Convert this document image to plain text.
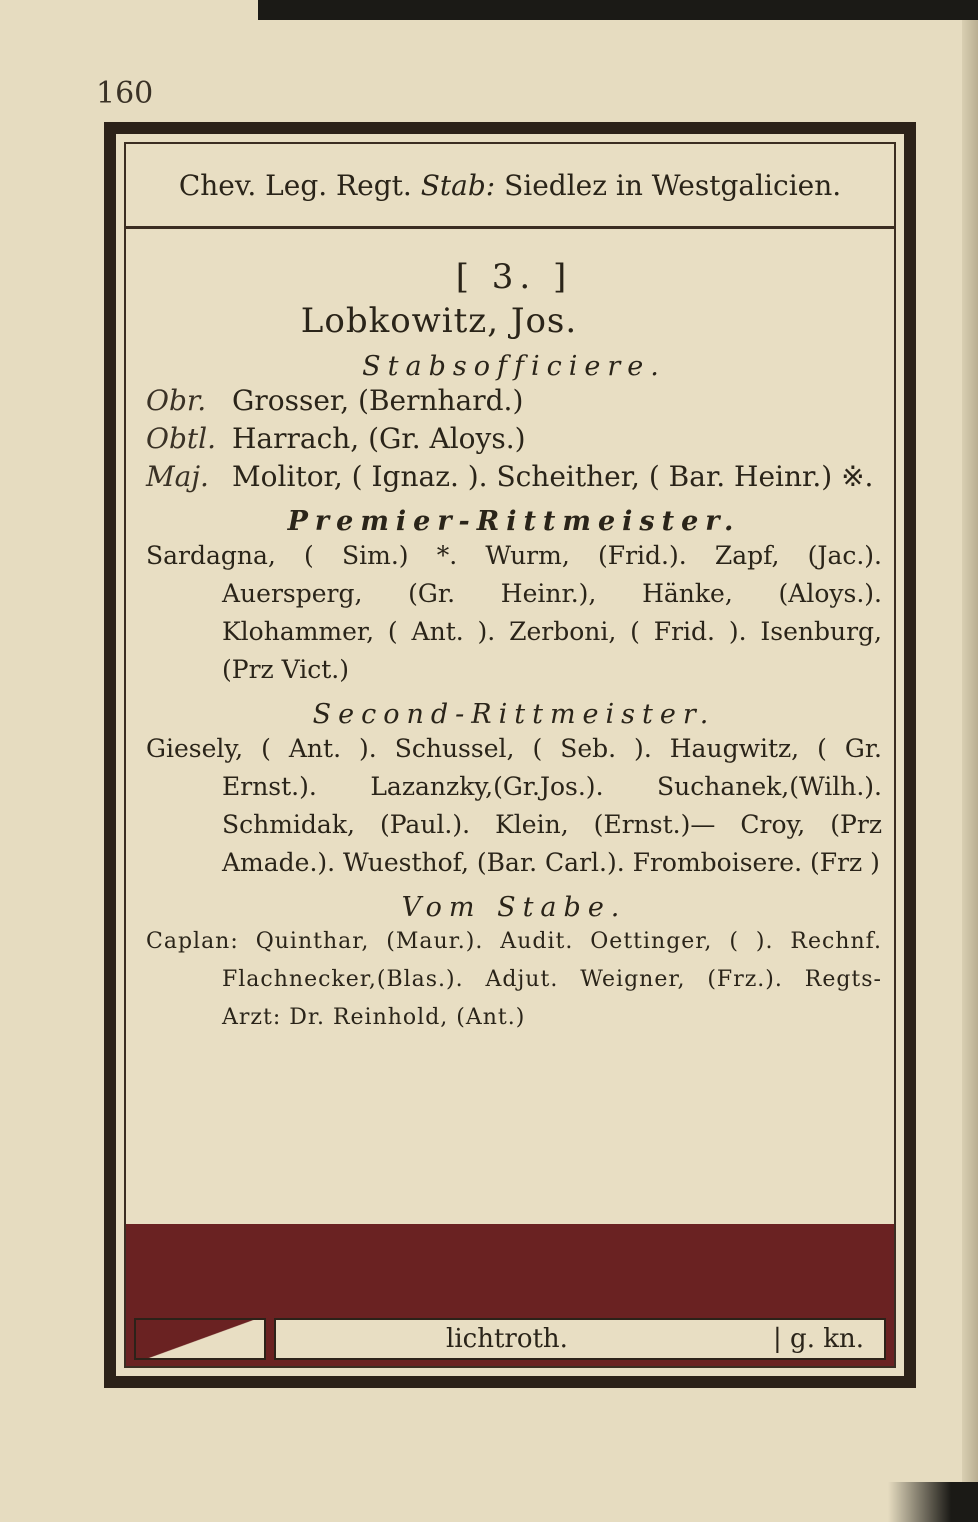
160
Chev. Leg. Regt.
Stab:
Siedlez in Westgalicien.
[ 3. ]
Lobkowitz, Jos.
Stabsofficiere.
Obr. Grosser, (Bernhard.)
Obtl. Harrach, (Gr. Aloys.)
Maj. Molitor, ( Ignaz. ). Scheither, ( Bar. Heinr.) ※.
Premier-Rittmeister.
Sardagna, ( Sim.) *. Wurm, (Frid.). Zapf, (Jac.). Auersperg, (Gr. Heinr.), Hänke, (Aloys.). Klohammer, ( Ant. ). Zerboni, ( Frid. ). Isenburg, (Prz Vict.)
Second-Rittmeister.
Giesely, ( Ant. ). Schussel, ( Seb. ). Haugwitz, ( Gr. Ernst.). Lazanzky,(Gr.Jos.). Suchanek,(Wilh.). Schmidak, (Paul.). Klein, (Ernst.)— Croy, (Prz Amade.). Wuesthof, (Bar. Carl.). Fromboisere. (Frz )
Vom Stabe.
Caplan: Quinthar, (Maur.). Audit. Oettinger, ( ). Rechnf. Flachnecker,(Blas.). Adjut. Weigner, (Frz.). Regts-Arzt: Dr. Reinhold, (Ant.)
lichtroth.	| g. kn.
